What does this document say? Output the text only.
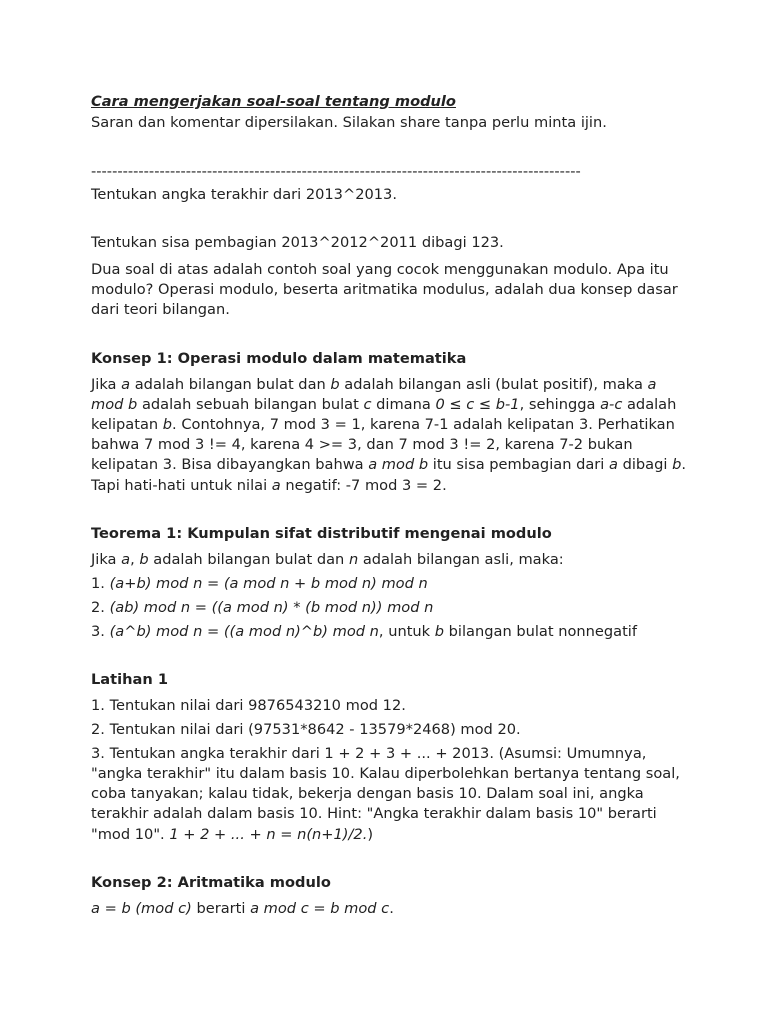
Cara mengerjakan soal-soal tentang modulo

Saran dan komentar dipersilakan. Silakan share tanpa perlu minta ijin.

---------------------------------------------------------------------------------------------

Tentukan angka terakhir dari 2013^2013.

Tentukan sisa pembagian 2013^2012^2011 dibagi 123.

Dua soal di atas adalah contoh soal yang cocok menggunakan modulo. Apa itu modulo? Operasi modulo, beserta aritmatika modulus, adalah dua konsep dasar dari teori bilangan.

Konsep 1: Operasi modulo dalam matematika

Jika a adalah bilangan bulat dan b adalah bilangan asli (bulat positif), maka a mod b adalah sebuah bilangan bulat c dimana 0 ≤ c ≤ b-1, sehingga a-c adalah kelipatan b. Contohnya, 7 mod 3 = 1, karena 7-1 adalah kelipatan 3. Perhatikan bahwa 7 mod 3 != 4, karena 4 >= 3, dan 7 mod 3 != 2, karena 7-2 bukan kelipatan 3. Bisa dibayangkan bahwa a mod b itu sisa pembagian dari a dibagi b. Tapi hati-hati untuk nilai a negatif: -7 mod 3 = 2.

Teorema 1: Kumpulan sifat distributif mengenai modulo

Jika a, b adalah bilangan bulat dan n adalah bilangan asli, maka:

1. (a+b) mod n = (a mod n + b mod n) mod n

2. (ab) mod n = ((a mod n) * (b mod n)) mod n

3. (a^b) mod n = ((a mod n)^b) mod n, untuk b bilangan bulat nonnegatif

Latihan 1

1. Tentukan nilai dari 9876543210 mod 12.

2. Tentukan nilai dari (97531*8642 - 13579*2468) mod 20.

3. Tentukan angka terakhir dari 1 + 2 + 3 + ... + 2013. (Asumsi: Umumnya, "angka terakhir" itu dalam basis 10. Kalau diperbolehkan bertanya tentang soal, coba tanyakan; kalau tidak, bekerja dengan basis 10. Dalam soal ini, angka terakhir adalah dalam basis 10. Hint: "Angka terakhir dalam basis 10" berarti "mod 10". 1 + 2 + ... + n = n(n+1)/2.)

Konsep 2: Aritmatika modulo

a = b (mod c) berarti a mod c = b mod c.
